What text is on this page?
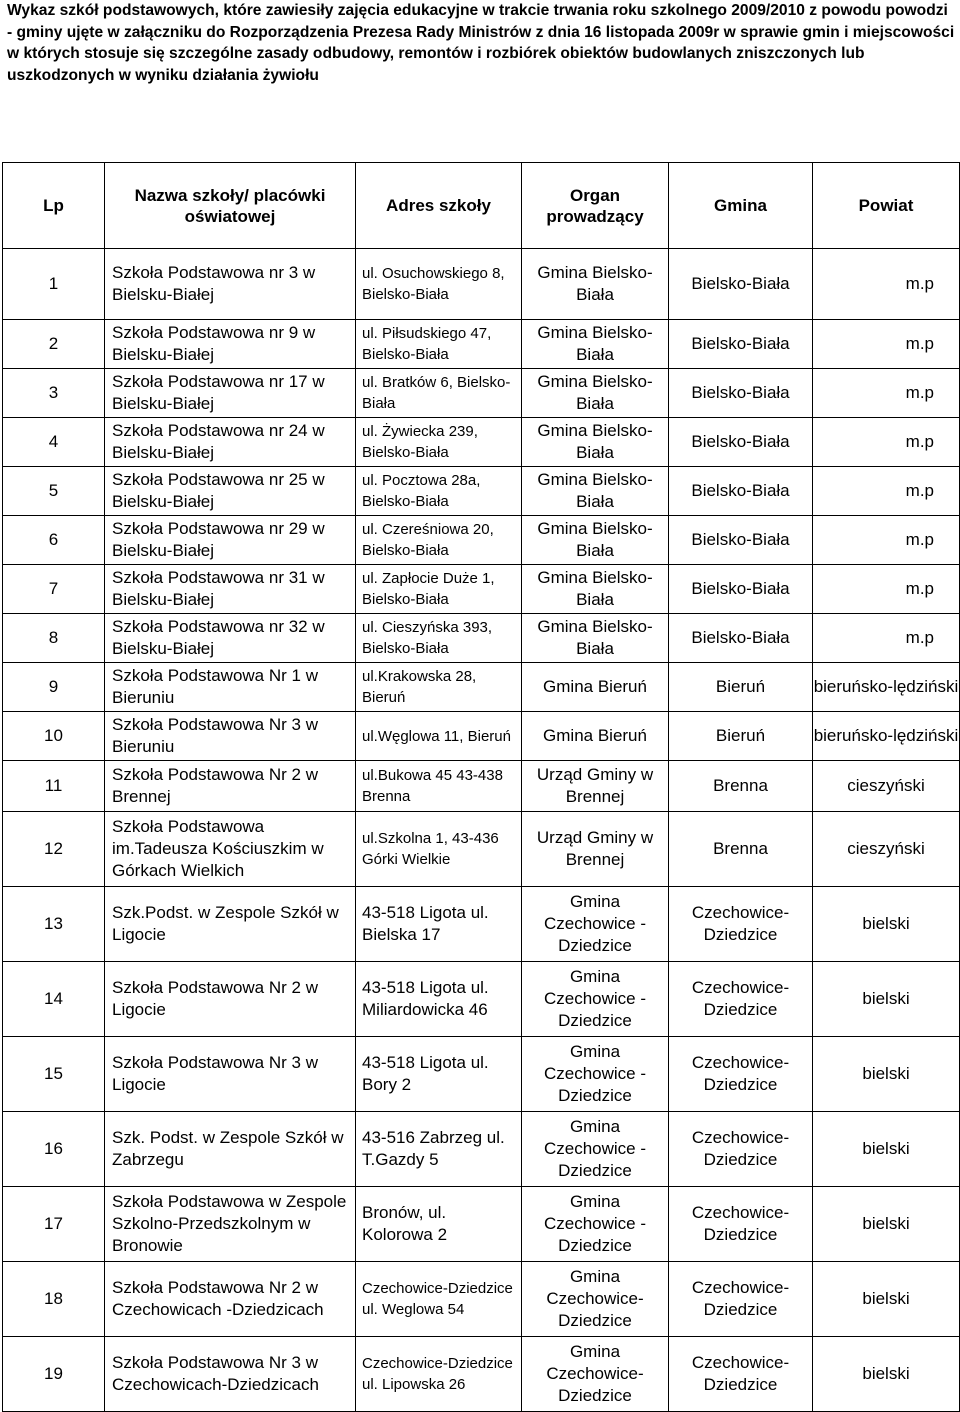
Wykaz szkół podstawowych, które zawiesiły zajęcia edukacyjne w trakcie trwania roku szkolnego 2009/2010 z powodu powodzi - gminy ujęte w załączniku do Rozporządzenia Prezesa Rady Ministrów z dnia 16 listopada 2009r w sprawie gmin i miejscowości w których stosuje się szczególne zasady odbudowy, remontów i rozbiórek obiektów budowlanych zniszczonych lub uszkodzonych w wyniku działania żywiołu

Lp	Nazwa szkoły/ placówki oświatowej	Adres szkoły	Organ prowadzący	Gmina	Powiat
1	Szkoła Podstawowa nr 3 w Bielsku-Białej	ul. Osuchowskiego 8, Bielsko-Biała	Gmina Bielsko-Biała	Bielsko-Biała	m.p
2	Szkoła Podstawowa nr 9 w Bielsku-Białej	ul. Piłsudskiego 47, Bielsko-Biała	Gmina Bielsko-Biała	Bielsko-Biała	m.p
3	Szkoła Podstawowa nr 17 w Bielsku-Białej	ul. Bratków 6, Bielsko-Biała	Gmina Bielsko-Biała	Bielsko-Biała	m.p
4	Szkoła Podstawowa nr 24 w Bielsku-Białej	ul. Żywiecka 239, Bielsko-Biała	Gmina Bielsko-Biała	Bielsko-Biała	m.p
5	Szkoła Podstawowa nr 25 w Bielsku-Białej	ul. Pocztowa 28a, Bielsko-Biała	Gmina Bielsko-Biała	Bielsko-Biała	m.p
6	Szkoła Podstawowa nr 29 w Bielsku-Białej	ul. Czereśniowa 20, Bielsko-Biała	Gmina Bielsko-Biała	Bielsko-Biała	m.p
7	Szkoła Podstawowa nr 31 w Bielsku-Białej	ul. Zapłocie Duże 1, Bielsko-Biała	Gmina Bielsko-Biała	Bielsko-Biała	m.p
8	Szkoła Podstawowa nr 32 w Bielsku-Białej	ul. Cieszyńska 393, Bielsko-Biała	Gmina Bielsko-Biała	Bielsko-Biała	m.p
9	Szkoła Podstawowa Nr 1 w Bieruniu	ul.Krakowska 28, Bieruń	Gmina Bieruń	Bieruń	bieruńsko-lędziński
10	Szkoła Podstawowa Nr 3 w Bieruniu	ul.Węglowa 11, Bieruń	Gmina Bieruń	Bieruń	bieruńsko-lędziński
11	Szkoła Podstawowa Nr 2 w Brennej	ul.Bukowa 45 43-438 Brenna	Urząd Gminy w Brennej	Brenna	cieszyński
12	Szkoła Podstawowa im.Tadeusza Kościuszkim w Górkach Wielkich	ul.Szkolna 1, 43-436 Górki Wielkie	Urząd Gminy w Brennej	Brenna	cieszyński
13	Szk.Podst. w Zespole Szkół w Ligocie	43-518 Ligota ul. Bielska 17	Gmina Czechowice - Dziedzice	Czechowice-Dziedzice	bielski
14	Szkoła Podstawowa Nr 2 w Ligocie	43-518 Ligota ul. Miliardowicka 46	Gmina Czechowice - Dziedzice	Czechowice-Dziedzice	bielski
15	Szkoła Podstawowa Nr 3 w Ligocie	43-518 Ligota ul. Bory 2	Gmina Czechowice - Dziedzice	Czechowice-Dziedzice	bielski
16	Szk. Podst. w Zespole Szkół w Zabrzegu	43-516 Zabrzeg ul. T.Gazdy 5	Gmina Czechowice - Dziedzice	Czechowice-Dziedzice	bielski
17	Szkoła Podstawowa w Zespole Szkolno-Przedszkolnym w Bronowie	Bronów, ul. Kolorowa 2	Gmina Czechowice - Dziedzice	Czechowice-Dziedzice	bielski
18	Szkoła Podstawowa Nr 2 w Czechowicach -Dziedzicach	Czechowice-Dziedzice ul. Weglowa 54	Gmina Czechowice-Dziedzice	Czechowice-Dziedzice	bielski
19	Szkoła Podstawowa Nr 3 w Czechowicach-Dziedzicach	Czechowice-Dziedzice ul. Lipowska 26	Gmina Czechowice-Dziedzice	Czechowice-Dziedzice	bielski
